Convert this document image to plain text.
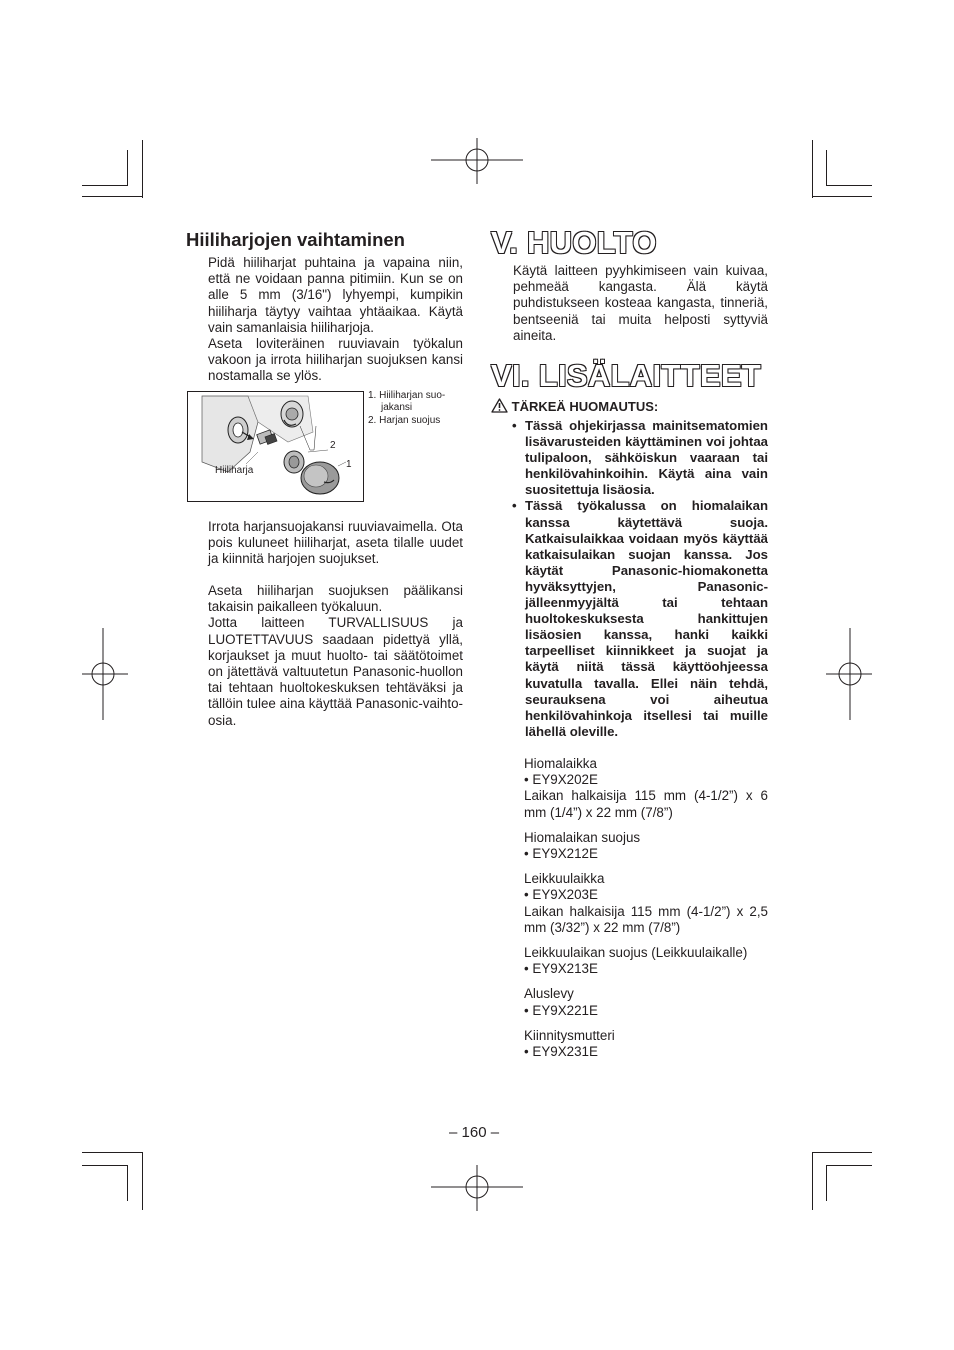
Hiiliharjojen vaihtaminen

Pidä hiiliharjat puhtaina ja vapaina niin, että ne voidaan panna pitimiin. Kun se on alle 5 mm (3/16") lyhyempi, kumpikin hiiliharja täytyy vaihtaa yhtäaikaa. Käytä vain samanlaisia hiiliharjoja.

Aseta loviteräinen ruuviavain työkalun vakoon ja irrota hiiliharjan suojuksen kansi nostamalla se ylös.

Hiiliharja
2
1

1. Hiiliharjan suo-

jakansi

2. Harjan suojus

Irrota harjansuojakansi ruuviavaimella. Ota pois kuluneet hiiliharjat, aseta tilalle uudet ja kiinnitä harjojen suojukset.

Aseta hiiliharjan suojuksen päälikansi takaisin paikalleen työkaluun.

Jotta laitteen TURVALLISUUS ja LUOTETTAVUUS saadaan pidettyä yllä, korjaukset ja muut huolto- tai säätötoimet on jätettävä valtuutetun Panasonic-huollon tai tehtaan huoltokeskuksen tehtäväksi ja tällöin tulee aina käyttää Panasonic-vaihto-osia.

V. HUOLTO

Käytä laitteen pyyhkimiseen vain kuivaa, pehmeää kangasta. Älä käytä puhdistukseen kosteaa kangasta, tinneriä, bentseeniä tai muita helposti syttyviä aineita.

VI. LISÄLAITTEET
TÄRKEÄ HUOMAUTUS:
• Tässä ohjekirjassa mainitsematomien lisävarusteiden käyttäminen voi johtaa tulipaloon, sähköiskun vaaraan tai henkilövahinkoihin. Käytä aina vain suositettuja lisäosia.
• Tässä työkalussa on hiomalaikan kanssa käytettävä suoja. Katkaisulaikkaa voidaan myös käyttää katkaisulaikan suojan kanssa. Jos käytät Panasonic-hiomakonetta hyväksyttyjen, Panasonic-jälleenmyyjältä tai tehtaan huoltokeskuksesta hankittujen lisäosien kanssa, hanki kaikki tarpeelliset kiinnikkeet ja suojat ja käytä niitä tässä käyttöohjeessa kuvatulla tavalla. Ellei näin tehdä, seurauksena voi aiheutua henkilövahinkoja itsellesi tai muille lähellä oleville.

Hiomalaikka

• EY9X202E

Laikan halkaisija 115 mm (4-1/2”) x 6 mm (1/4”) x 22 mm (7/8”)

Hiomalaikan suojus

• EY9X212E

Leikkuulaikka

• EY9X203E

Laikan halkaisija 115 mm (4-1/2”) x 2,5 mm (3/32”) x 22 mm (7/8”)

Leikkuulaikan suojus (Leikkuulaikalle)

• EY9X213E

Aluslevy

• EY9X221E

Kiinnitysmutteri

• EY9X231E

– 160 –
